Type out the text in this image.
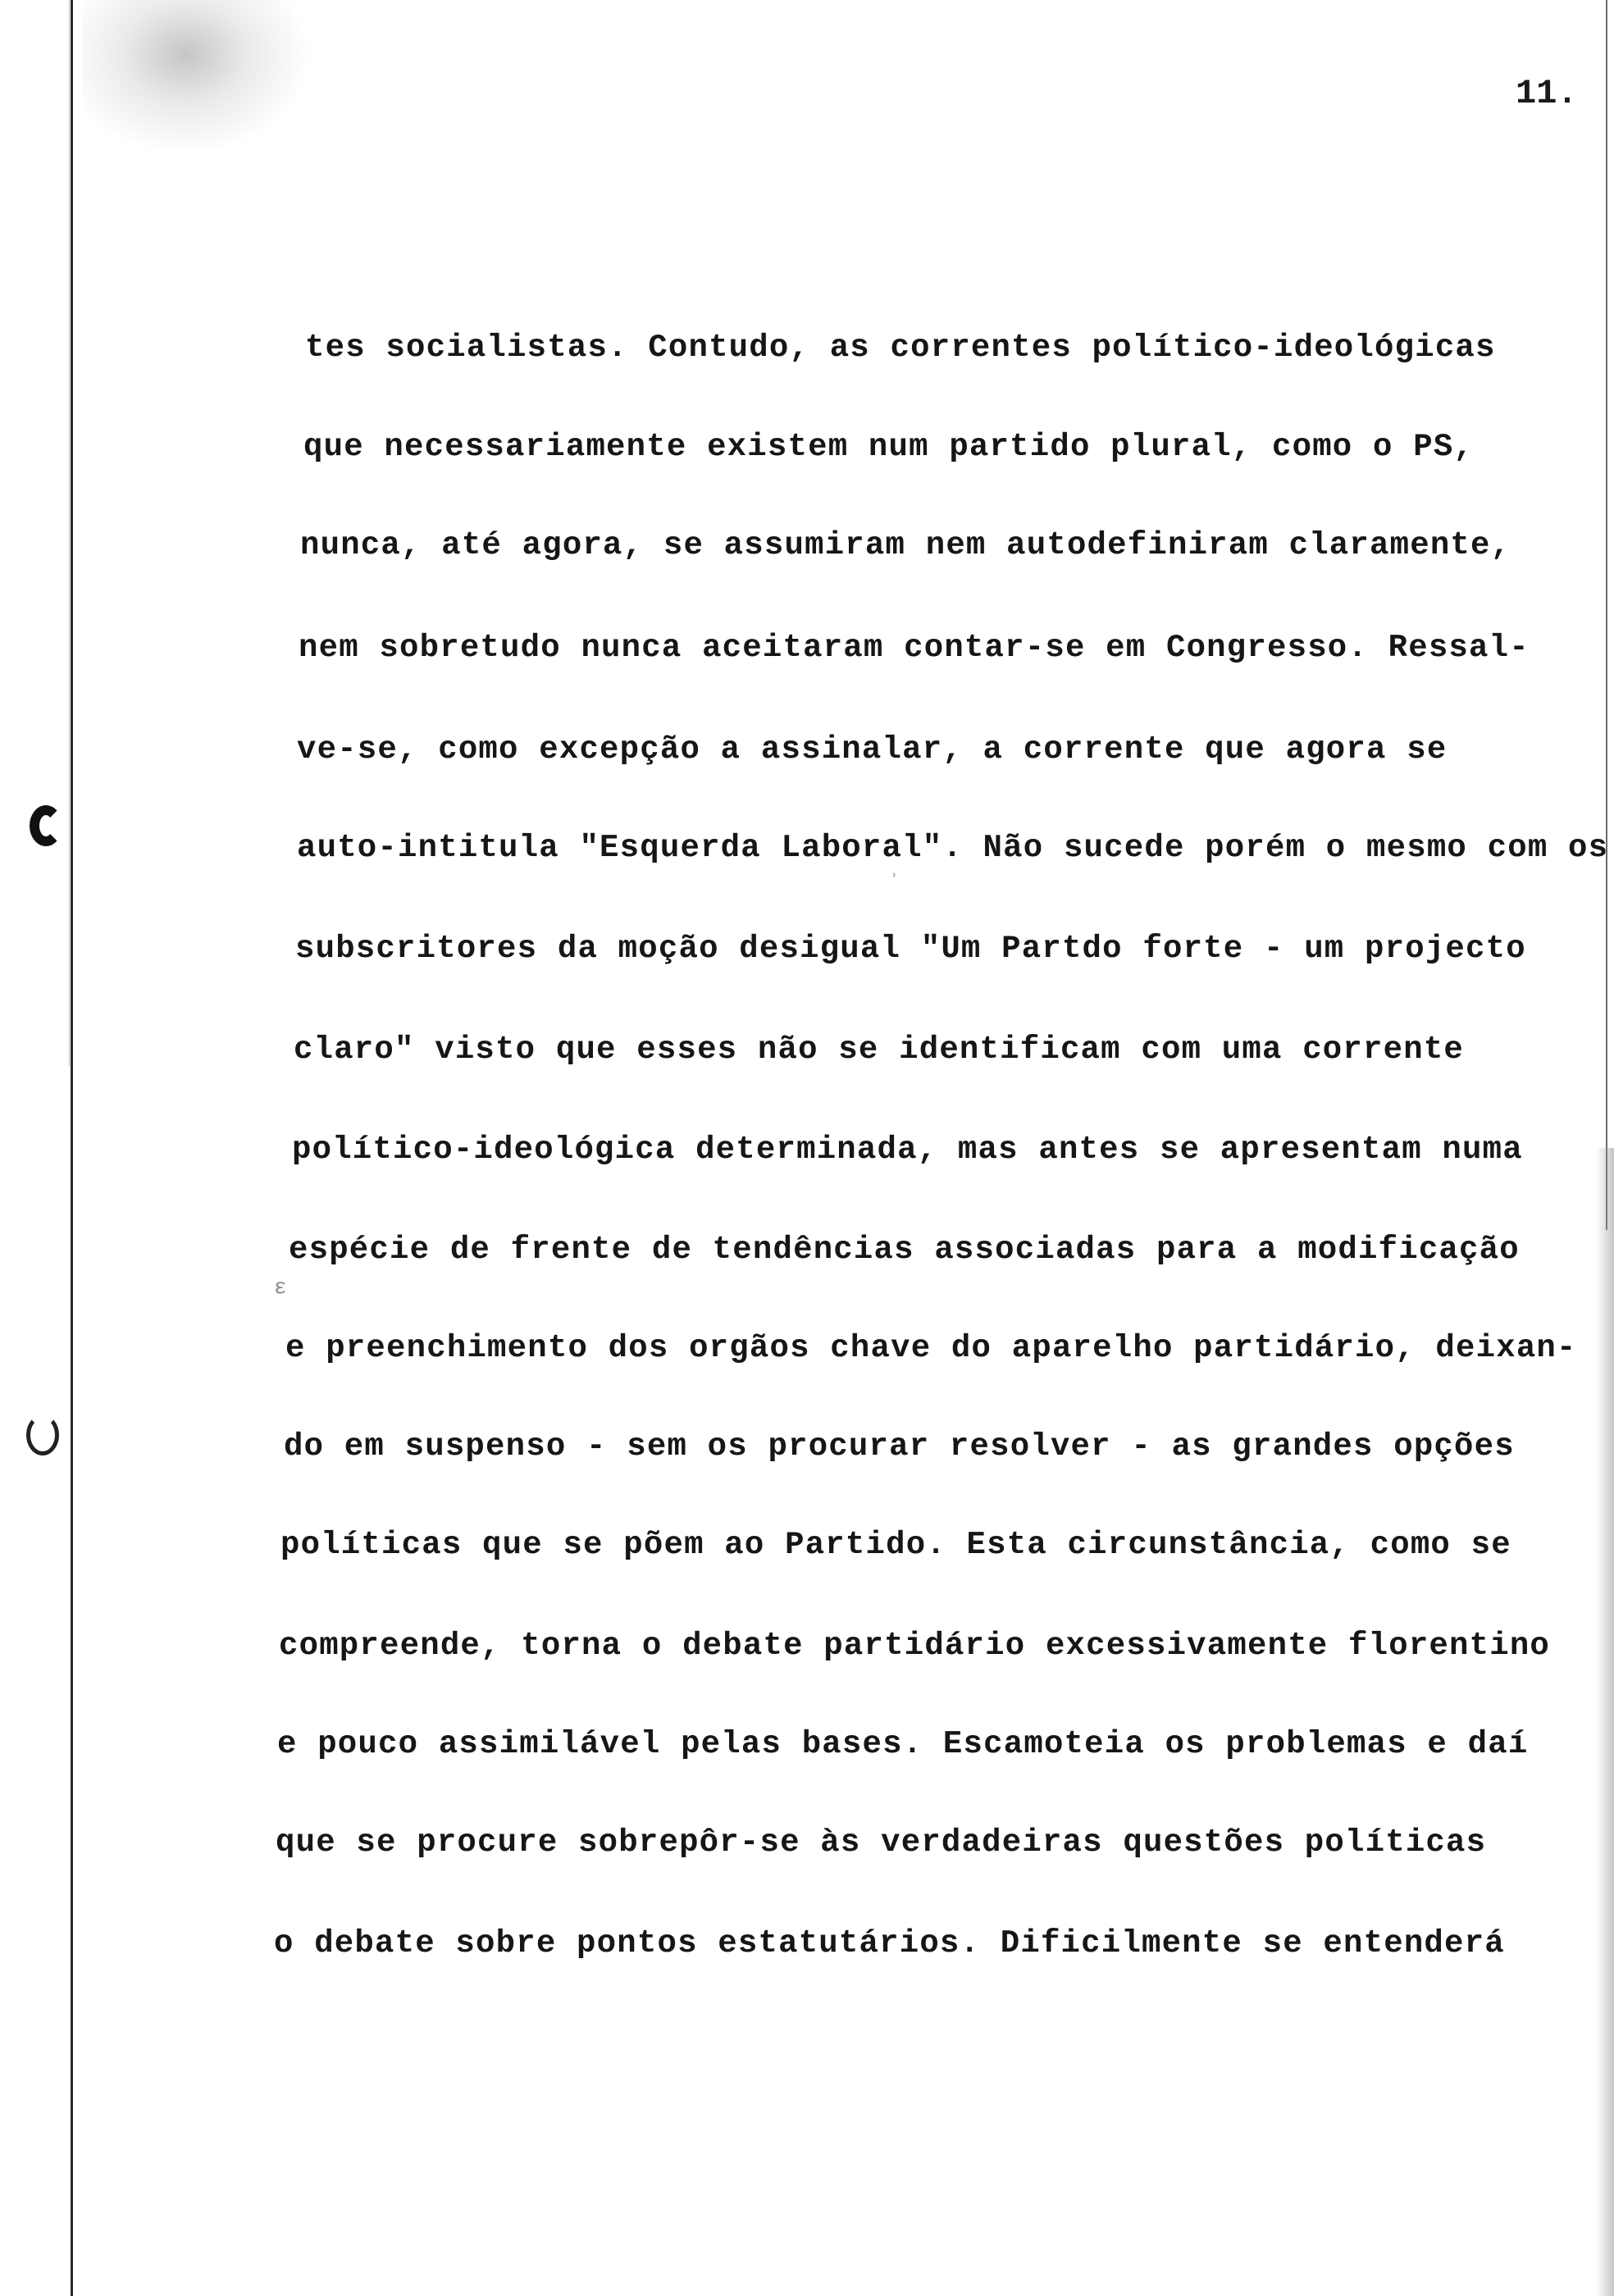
11.
tes socialistas. Contudo, as correntes político-ideológicas
que necessariamente existem num partido plural, como o PS,
nunca, até agora, se assumiram nem autodefiniram claramente,
nem sobretudo nunca aceitaram contar-se em Congresso. Ressal-
ve-se, como excepção a assinalar, a corrente que agora se
auto-intitula "Esquerda Laboral". Não sucede porém o mesmo com os
subscritores da moção desigual "Um Partdo forte - um projecto
claro" visto que esses não se identificam com uma corrente
político-ideológica determinada, mas antes se apresentam numa
espécie de frente de tendências associadas para a modificação
e preenchimento dos orgãos chave do aparelho partidário, deixan-
do em suspenso - sem os procurar resolver - as grandes opções
políticas que se põem ao Partido. Esta circunstância, como se
compreende, torna o debate partidário excessivamente florentino
e pouco assimilável pelas bases. Escamoteia os problemas e daí
que se procure sobrepôr-se às verdadeiras questões políticas
o debate sobre pontos estatutários. Dificilmente se entenderá
ε
ʾ
